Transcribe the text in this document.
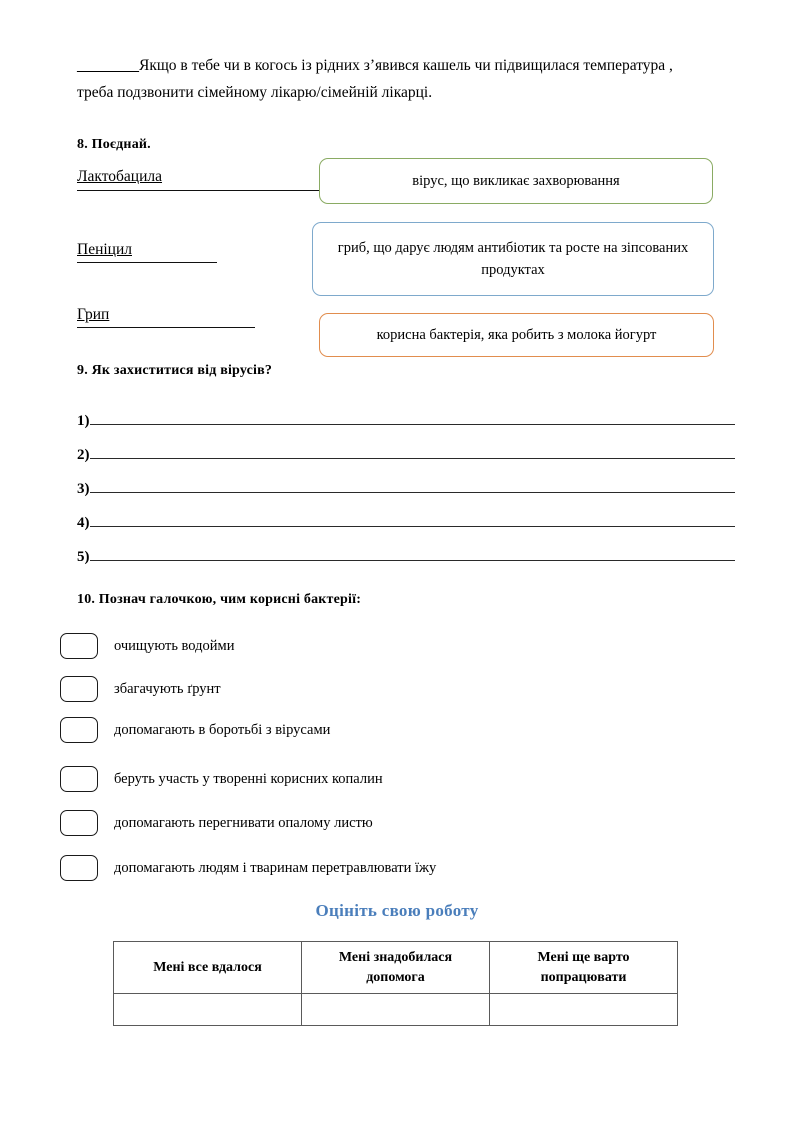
________Якщо в тебе чи в когось із рідних з’явився кашель чи підвищилася температура , треба подзвонити сімейному лікарю/сімейній лікарці.

8. Поєднай.
Лактобацила
Пеніцил
Грип
вірус, що викликає захворювання
гриб, що дарує людям антибіотик та росте на зіпсованих продуктах
корисна бактерія, яка робить з молока йогурт
9. Як захиститися від вірусів?
1)
2)
3)
4)
5)
10. Познач галочкою, чим корисні бактерії:
очищують водойми
збагачують ґрунт
допомагають в боротьбі з вірусами
беруть участь у творенні корисних копалин
допомагають перегнивати опалому листю
допомагають людям і тваринам перетравлювати їжу
Оцініть свою роботу
Мені все вдалося	Мені знадобилася допомога	Мені ще варто попрацювати
